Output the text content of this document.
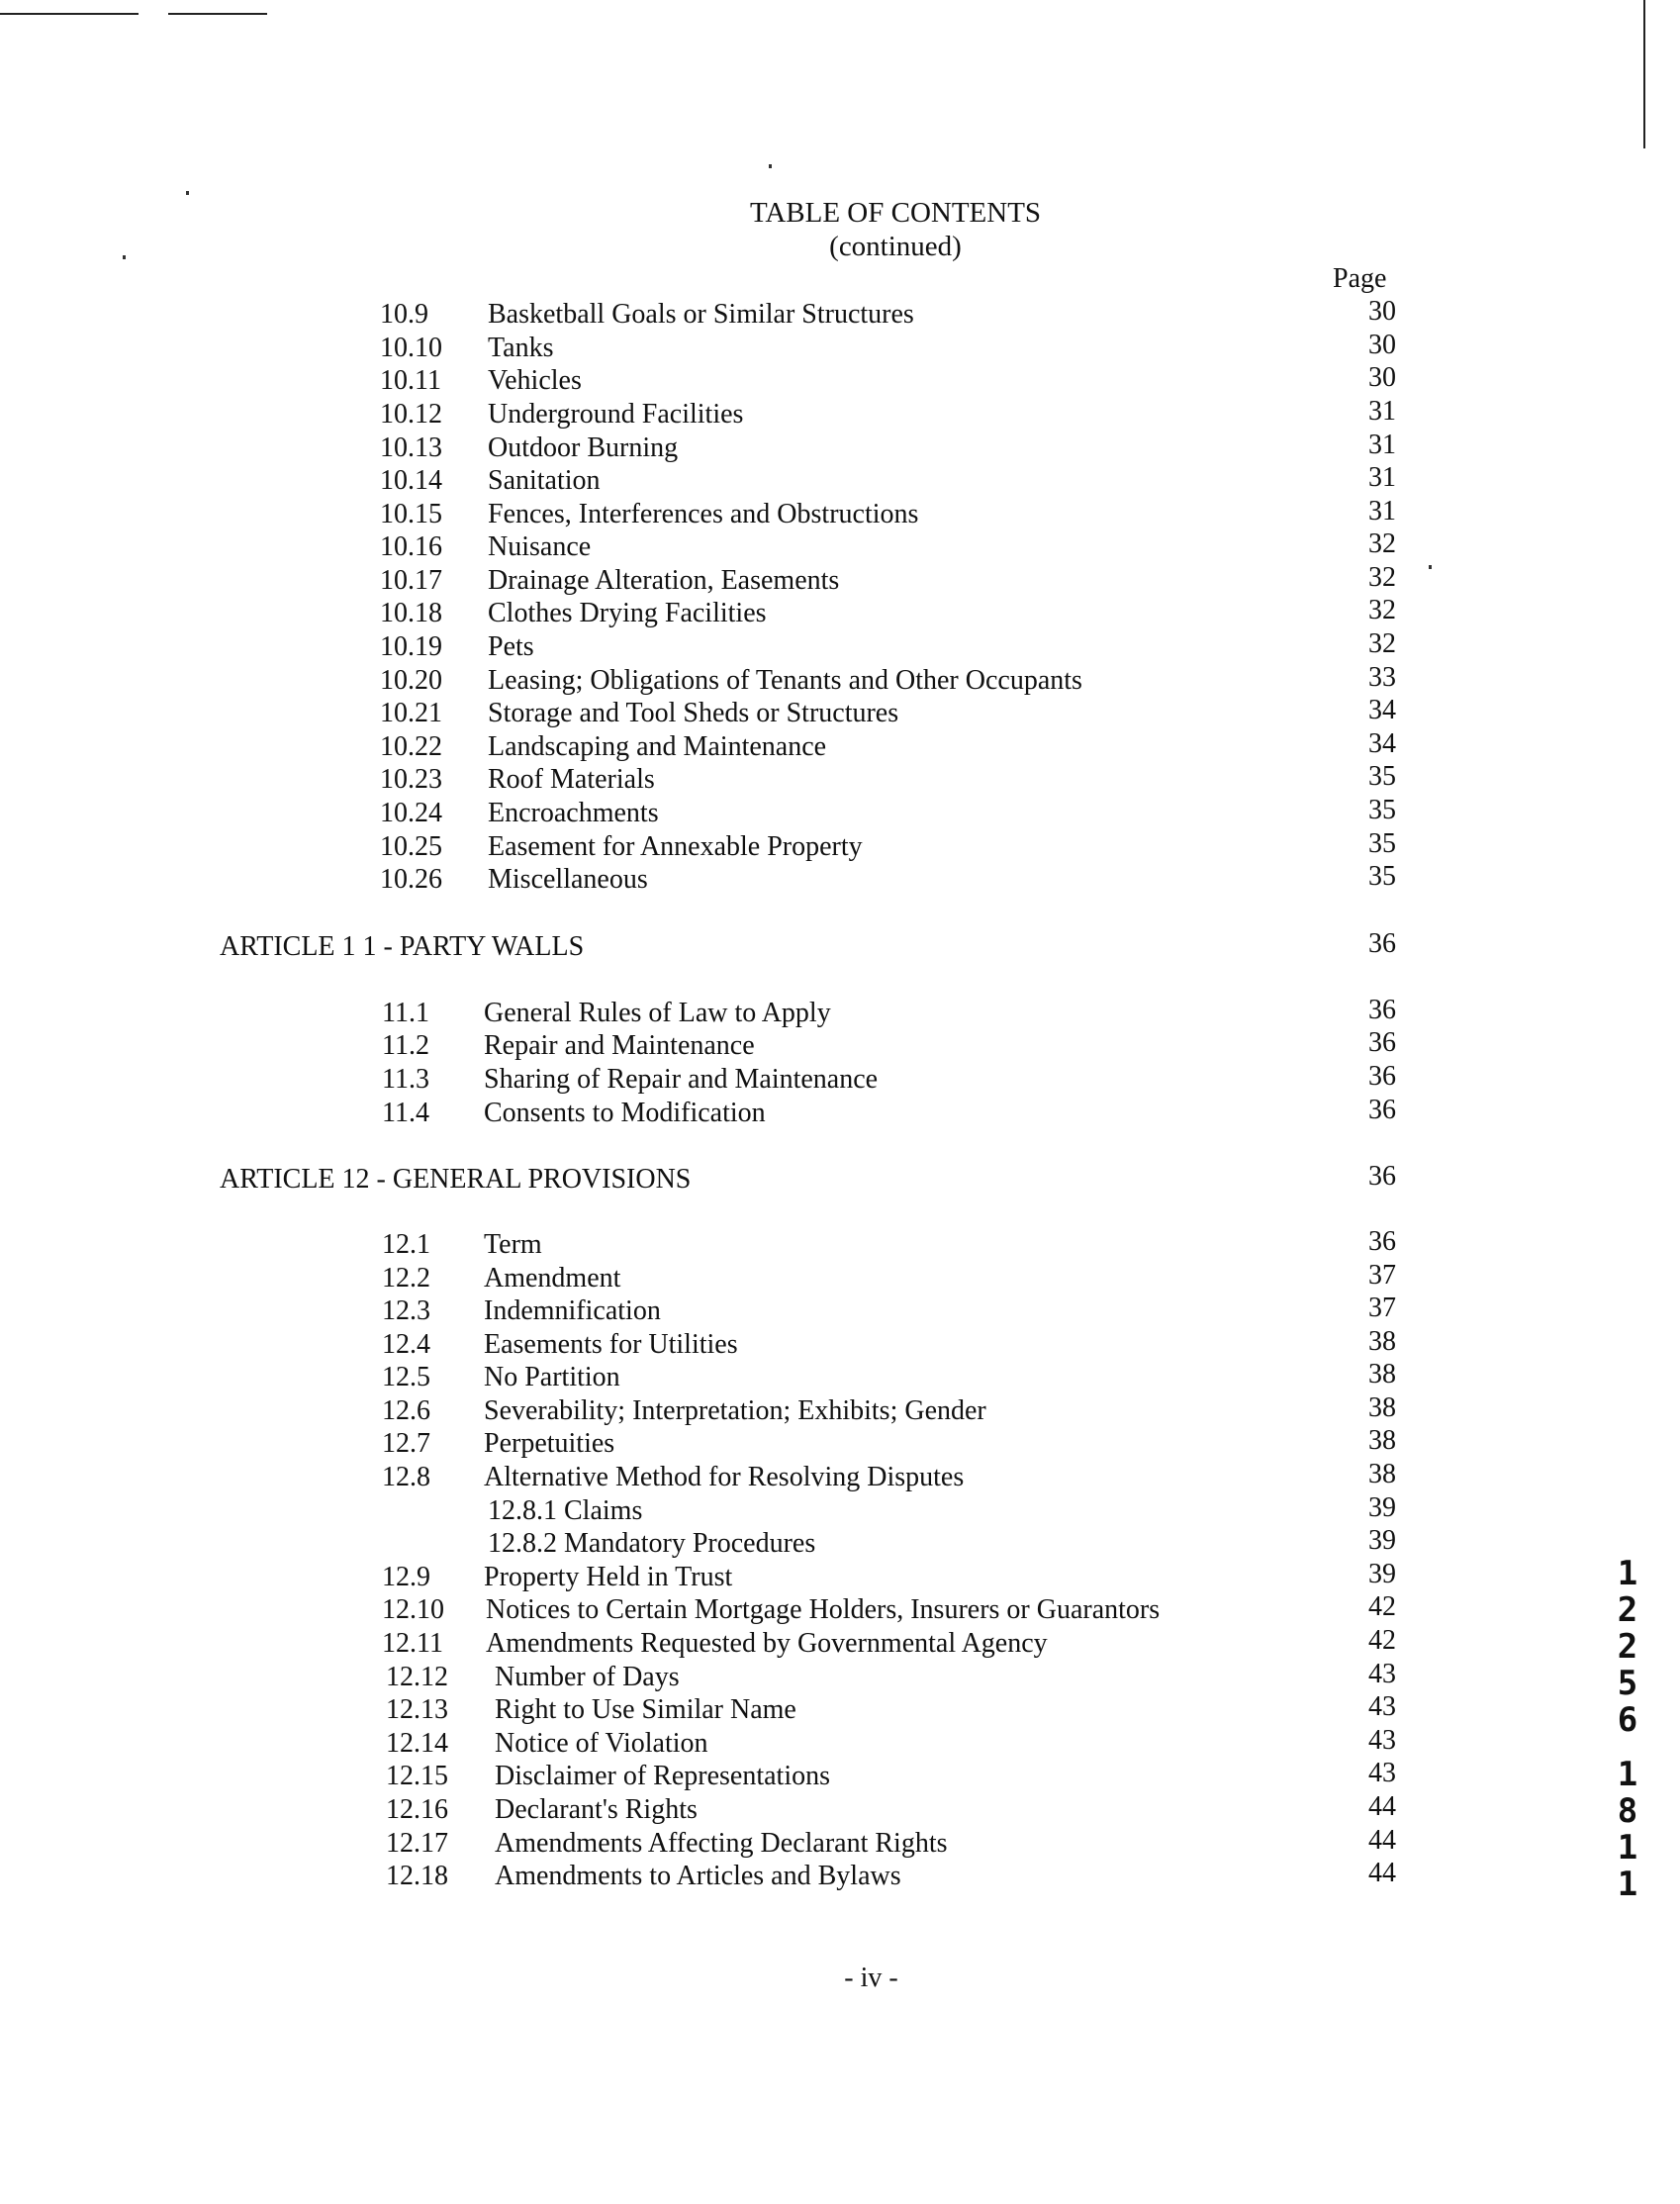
TABLE OF CONTENTS
(continued)
Page
10.9 Basketball Goals or Similar Structures	30
10.10 Tanks	30
10.11 Vehicles	30
10.12 Underground Facilities	31
10.13 Outdoor Burning	31
10.14 Sanitation	31
10.15 Fences, Interferences and Obstructions	31
10.16 Nuisance	32
10.17 Drainage Alteration, Easements	32
10.18 Clothes Drying Facilities	32
10.19 Pets	32
10.20 Leasing; Obligations of Tenants and Other Occupants	33
10.21 Storage and Tool Sheds or Structures	34
10.22 Landscaping and Maintenance	34
10.23 Roof Materials	35
10.24 Encroachments	35
10.25 Easement for Annexable Property	35
10.26 Miscellaneous	35
ARTICLE 1 1 - PARTY WALLS	36
11.1 General Rules of Law to Apply	36
11.2 Repair and Maintenance	36
11.3 Sharing of Repair and Maintenance	36
11.4 Consents to Modification	36
ARTICLE 12 - GENERAL PROVISIONS	36
12.1 Term	36
12.2 Amendment	37
12.3 Indemnification	37
12.4 Easements for Utilities	38
12.5 No Partition	38
12.6 Severability; Interpretation; Exhibits; Gender	38
12.7 Perpetuities	38
12.8 Alternative Method for Resolving Disputes	38
12.8.1 Claims	39
12.8.2 Mandatory Procedures	39
12.9 Property Held in Trust	39
12.10 Notices to Certain Mortgage Holders, Insurers or Guarantors	42
12.11 Amendments Requested by Governmental Agency	42
12.12 Number of Days	43
12.13 Right to Use Similar Name	43
12.14 Notice of Violation	43
12.15 Disclaimer of Representations	43
12.16 Declarant's Rights	44
12.17 Amendments Affecting Declarant Rights	44
12.18 Amendments to Articles and Bylaws	44
- iv -
1
2
2
5
6
1
8
1
1
